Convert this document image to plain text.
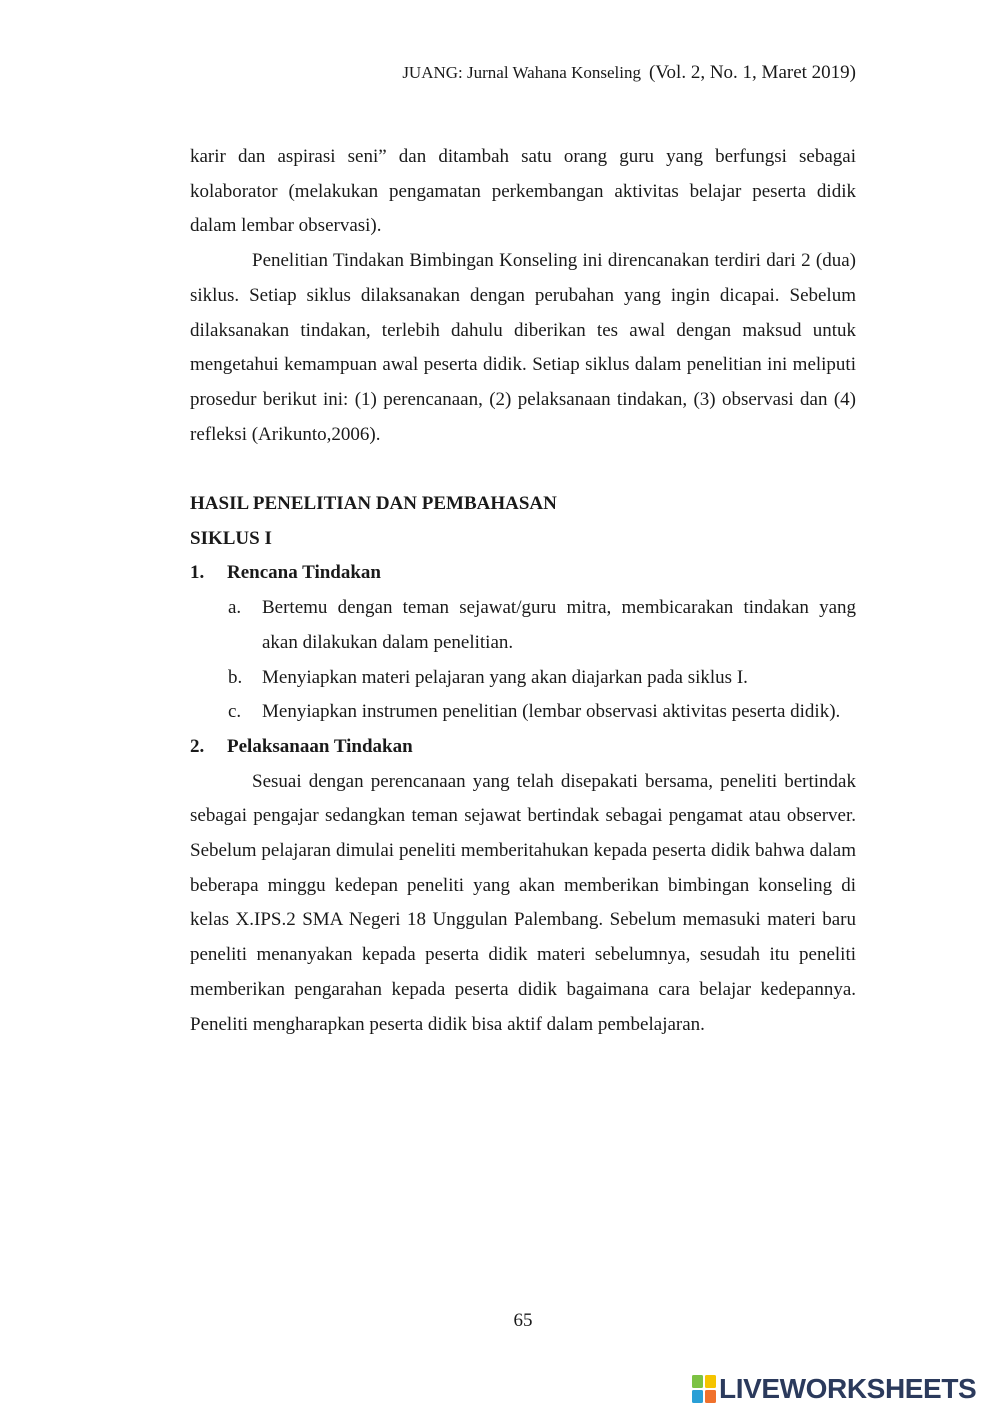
JUANG: Jurnal Wahana Konseling (Vol. 2, No. 1, Maret 2019)

karir dan aspirasi seni” dan ditambah satu orang guru yang berfungsi sebagai kolaborator (melakukan pengamatan perkembangan aktivitas belajar peserta didik dalam lembar observasi).

Penelitian Tindakan Bimbingan Konseling ini direncanakan terdiri dari 2 (dua) siklus. Setiap siklus dilaksanakan dengan perubahan yang ingin dicapai. Sebelum dilaksanakan tindakan, terlebih dahulu diberikan tes awal dengan maksud untuk mengetahui kemampuan awal peserta didik. Setiap siklus dalam penelitian ini meliputi prosedur berikut ini: (1) perencanaan, (2) pelaksanaan tindakan, (3) observasi dan (4) refleksi (Arikunto,2006).

HASIL PENELITIAN DAN PEMBAHASAN
SIKLUS I
1. Rencana Tindakan
a. Bertemu dengan teman sejawat/guru mitra, membicarakan tindakan yang akan dilakukan dalam penelitian.
b. Menyiapkan materi pelajaran yang akan diajarkan pada siklus I.
c. Menyiapkan instrumen penelitian (lembar observasi aktivitas peserta didik).
2. Pelaksanaan Tindakan

Sesuai dengan perencanaan yang telah disepakati bersama, peneliti bertindak sebagai pengajar sedangkan teman sejawat bertindak sebagai pengamat atau observer. Sebelum pelajaran dimulai peneliti memberitahukan kepada peserta didik bahwa dalam beberapa minggu kedepan peneliti yang akan memberikan bimbingan konseling di kelas X.IPS.2 SMA Negeri 18 Unggulan Palembang. Sebelum memasuki materi baru peneliti menanyakan kepada peserta didik materi sebelumnya, sesudah itu peneliti memberikan pengarahan kepada peserta didik bagaimana cara belajar kedepannya. Peneliti mengharapkan peserta didik bisa aktif dalam pembelajaran.

65
LIVEWORKSHEETS
